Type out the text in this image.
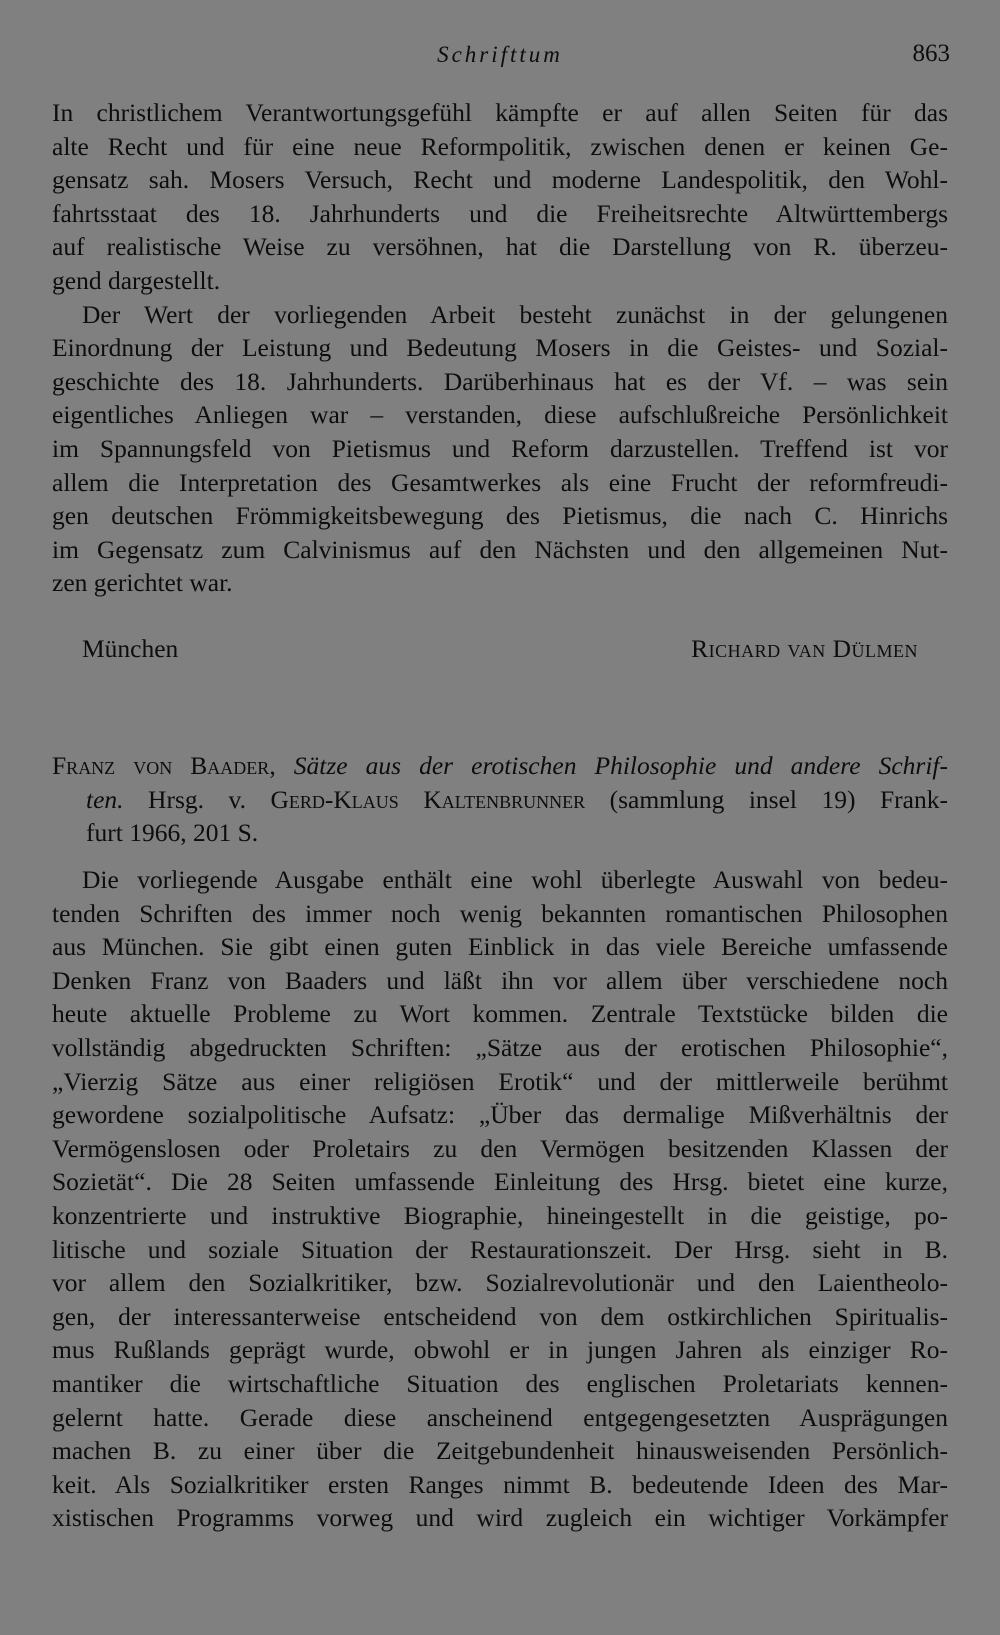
Schrifttum	863
In christlichem Verantwortungsgefühl kämpfte er auf allen Seiten für das
alte Recht und für eine neue Reformpolitik, zwischen denen er keinen Ge-
gensatz sah. Mosers Versuch, Recht und moderne Landespolitik, den Wohl-
fahrtsstaat des 18. Jahrhunderts und die Freiheitsrechte Altwürttembergs
auf realistische Weise zu versöhnen, hat die Darstellung von R. überzeu-
gend dargestellt.
Der Wert der vorliegenden Arbeit besteht zunächst in der gelungenen
Einordnung der Leistung und Bedeutung Mosers in die Geistes- und Sozial-
geschichte des 18. Jahrhunderts. Darüberhinaus hat es der Vf. – was sein
eigentliches Anliegen war – verstanden, diese aufschlußreiche Persönlichkeit
im Spannungsfeld von Pietismus und Reform darzustellen. Treffend ist vor
allem die Interpretation des Gesamtwerkes als eine Frucht der reformfreudi-
gen deutschen Frömmigkeitsbewegung des Pietismus, die nach C. Hinrichs
im Gegensatz zum Calvinismus auf den Nächsten und den allgemeinen Nut-
zen gerichtet war.
München	Richard van Dülmen
Franz von Baader, Sätze aus der erotischen Philosophie und andere Schrif-
ten. Hrsg. v. Gerd-Klaus Kaltenbrunner (sammlung insel 19) Frank-
furt 1966, 201 S.
Die vorliegende Ausgabe enthält eine wohl überlegte Auswahl von bedeu-
tenden Schriften des immer noch wenig bekannten romantischen Philosophen
aus München. Sie gibt einen guten Einblick in das viele Bereiche umfassende
Denken Franz von Baaders und läßt ihn vor allem über verschiedene noch
heute aktuelle Probleme zu Wort kommen. Zentrale Textstücke bilden die
vollständig abgedruckten Schriften: „Sätze aus der erotischen Philosophie“,
„Vierzig Sätze aus einer religiösen Erotik“ und der mittlerweile berühmt
gewordene sozialpolitische Aufsatz: „Über das dermalige Mißverhältnis der
Vermögenslosen oder Proletairs zu den Vermögen besitzenden Klassen der
Sozietät“. Die 28 Seiten umfassende Einleitung des Hrsg. bietet eine kurze,
konzentrierte und instruktive Biographie, hineingestellt in die geistige, po-
litische und soziale Situation der Restaurationszeit. Der Hrsg. sieht in B.
vor allem den Sozialkritiker, bzw. Sozialrevolutionär und den Laientheolo-
gen, der interessanterweise entscheidend von dem ostkirchlichen Spiritualis-
mus Rußlands geprägt wurde, obwohl er in jungen Jahren als einziger Ro-
mantiker die wirtschaftliche Situation des englischen Proletariats kennen-
gelernt hatte. Gerade diese anscheinend entgegengesetzten Ausprägungen
machen B. zu einer über die Zeitgebundenheit hinausweisenden Persönlich-
keit. Als Sozialkritiker ersten Ranges nimmt B. bedeutende Ideen des Mar-
xistischen Programms vorweg und wird zugleich ein wichtiger Vorkämpfer
